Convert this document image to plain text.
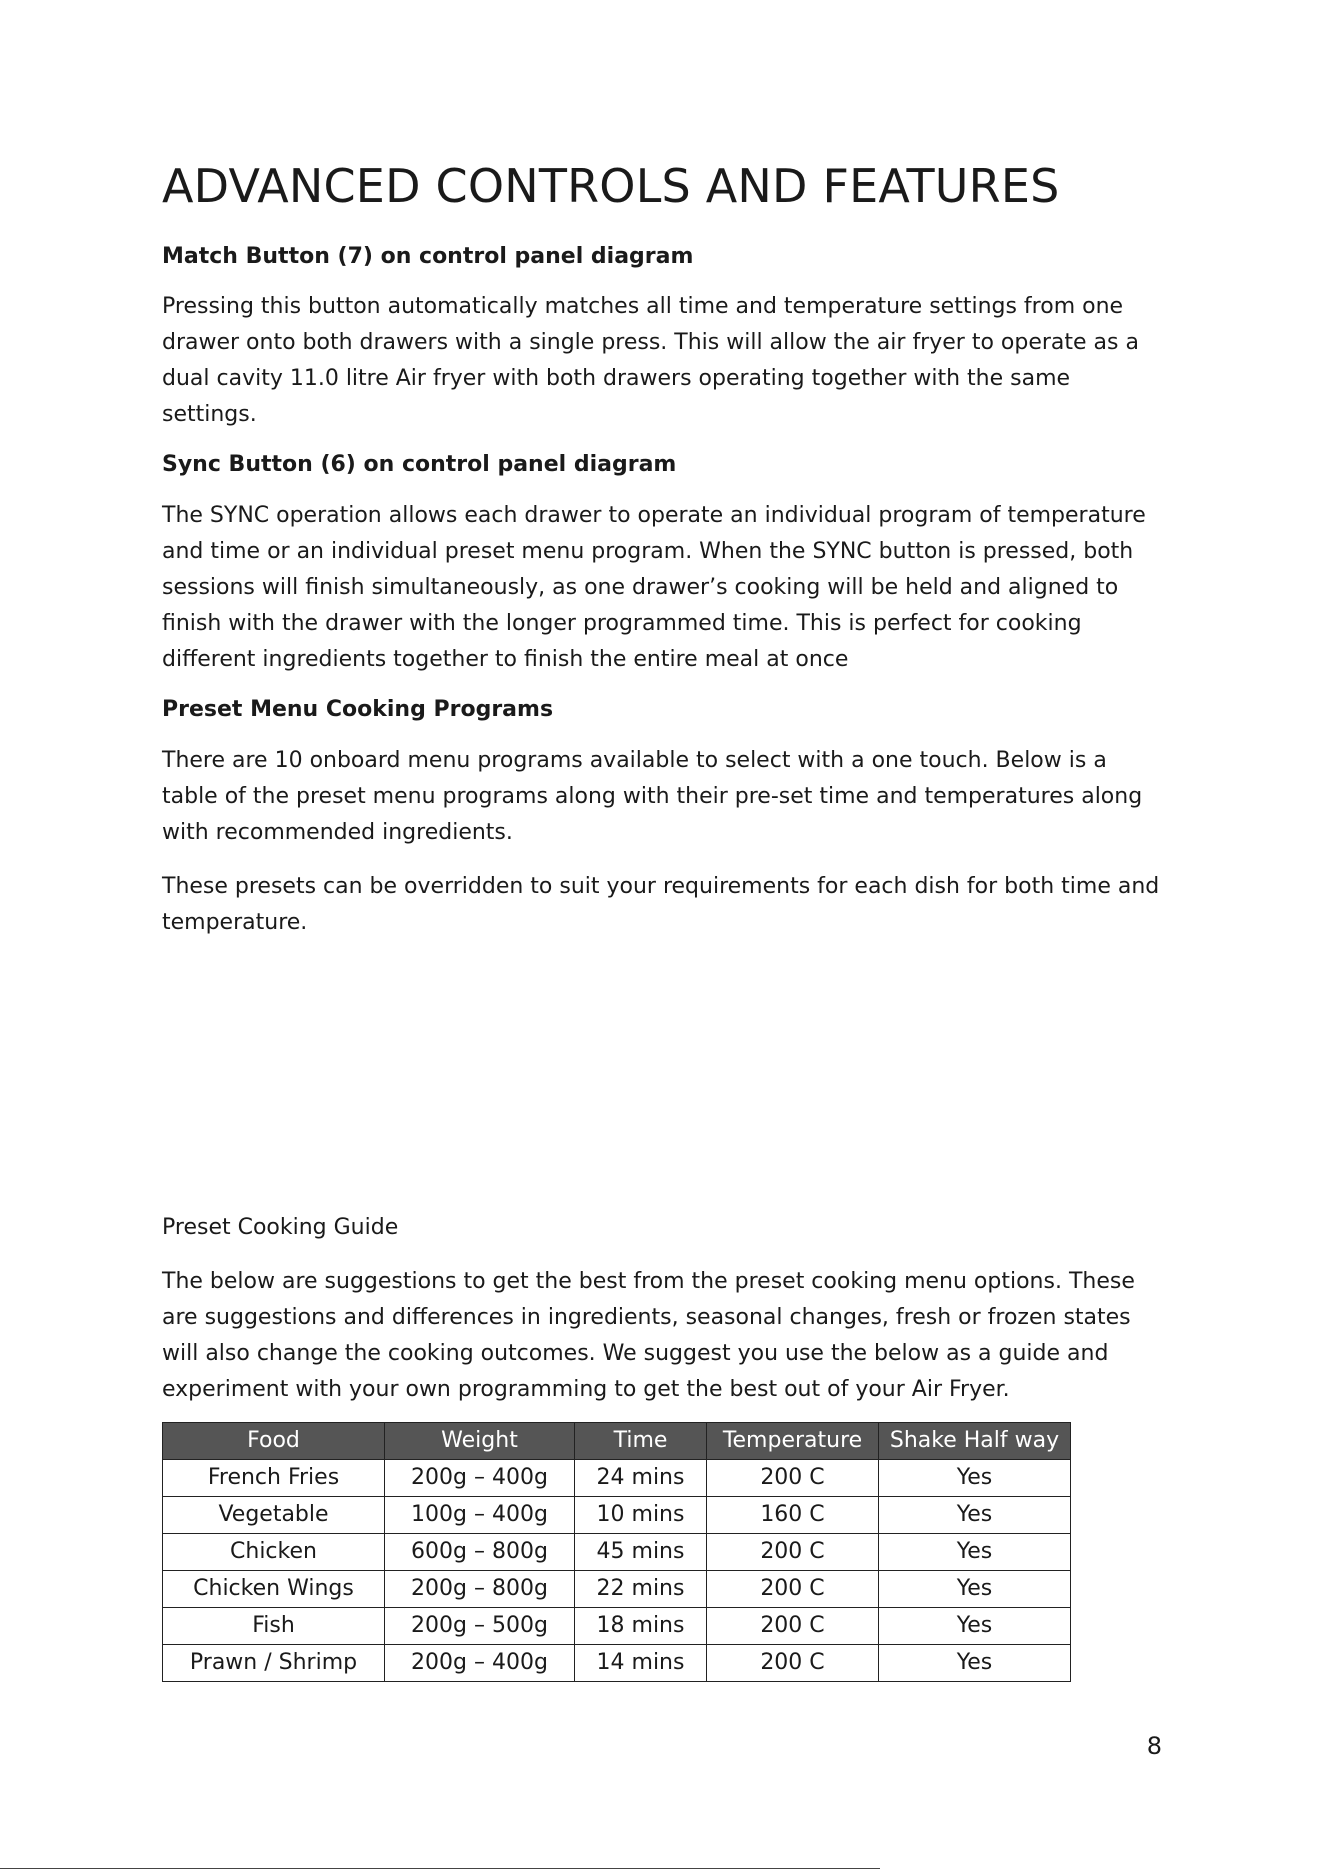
ADVANCED CONTROLS AND FEATURES
Match Button (7) on control panel diagram

Pressing this button automatically matches all time and temperature settings from one drawer onto both drawers with a single press. This will allow the air fryer to operate as a dual cavity 11.0 litre Air fryer with both drawers operating together with the same settings.

Sync Button (6) on control panel diagram

The SYNC operation allows each drawer to operate an individual program of temperature and time or an individual preset menu program. When the SYNC button is pressed, both sessions will finish simultaneously, as one drawer’s cooking will be held and aligned to finish with the drawer with the longer programmed time. This is perfect for cooking different ingredients together to finish the entire meal at once

Preset Menu Cooking Programs

There are 10 onboard menu programs available to select with a one touch. Below is a table of the preset menu programs along with their pre-set time and temperatures along with recommended ingredients.

These presets can be overridden to suit your requirements for each dish for both time and temperature.

Preset Cooking Guide

The below are suggestions to get the best from the preset cooking menu options. These are suggestions and differences in ingredients, seasonal changes, fresh or frozen states will also change the cooking outcomes. We suggest you use the below as a guide and experiment with your own programming to get the best out of your Air Fryer.

Food	Weight	Time	Temperature	Shake Half way
French Fries	200g – 400g	24 mins	200 C	Yes
Vegetable	100g – 400g	10 mins	160 C	Yes
Chicken	600g – 800g	45 mins	200 C	Yes
Chicken Wings	200g – 800g	22 mins	200 C	Yes
Fish	200g – 500g	18 mins	200 C	Yes
Prawn / Shrimp	200g – 400g	14 mins	200 C	Yes
8
